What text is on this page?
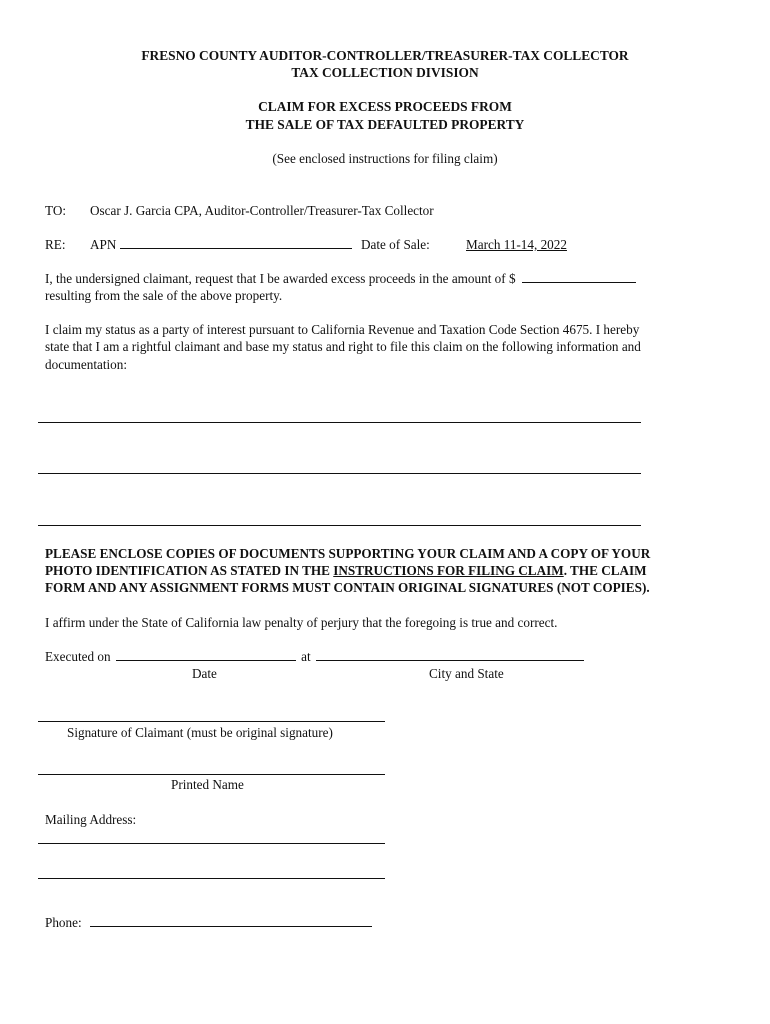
FRESNO COUNTY AUDITOR-CONTROLLER/TREASURER-TAX COLLECTOR
TAX COLLECTION DIVISION
CLAIM FOR EXCESS PROCEEDS FROM
THE SALE OF TAX DEFAULTED PROPERTY
(See enclosed instructions for filing claim)
TO: Oscar J. Garcia CPA, Auditor-Controller/Treasurer-Tax Collector
RE: APN	Date of Sale:	March 11-14, 2022
I, the undersigned claimant, request that I be awarded excess proceeds in the amount of $
resulting from the sale of the above property.
I claim my status as a party of interest pursuant to California Revenue and Taxation Code Section 4675. I hereby
state that I am a rightful claimant and base my status and right to file this claim on the following information and
documentation:
PLEASE ENCLOSE COPIES OF DOCUMENTS SUPPORTING YOUR CLAIM AND A COPY OF YOUR
PHOTO IDENTIFICATION AS STATED IN THE INSTRUCTIONS FOR FILING CLAIM. THE CLAIM
FORM AND ANY ASSIGNMENT FORMS MUST CONTAIN ORIGINAL SIGNATURES (NOT COPIES).
I affirm under the State of California law penalty of perjury that the foregoing is true and correct.
Executed on	at
Date	City and State
Signature of Claimant (must be original signature)
Printed Name
Mailing Address:
Phone:
